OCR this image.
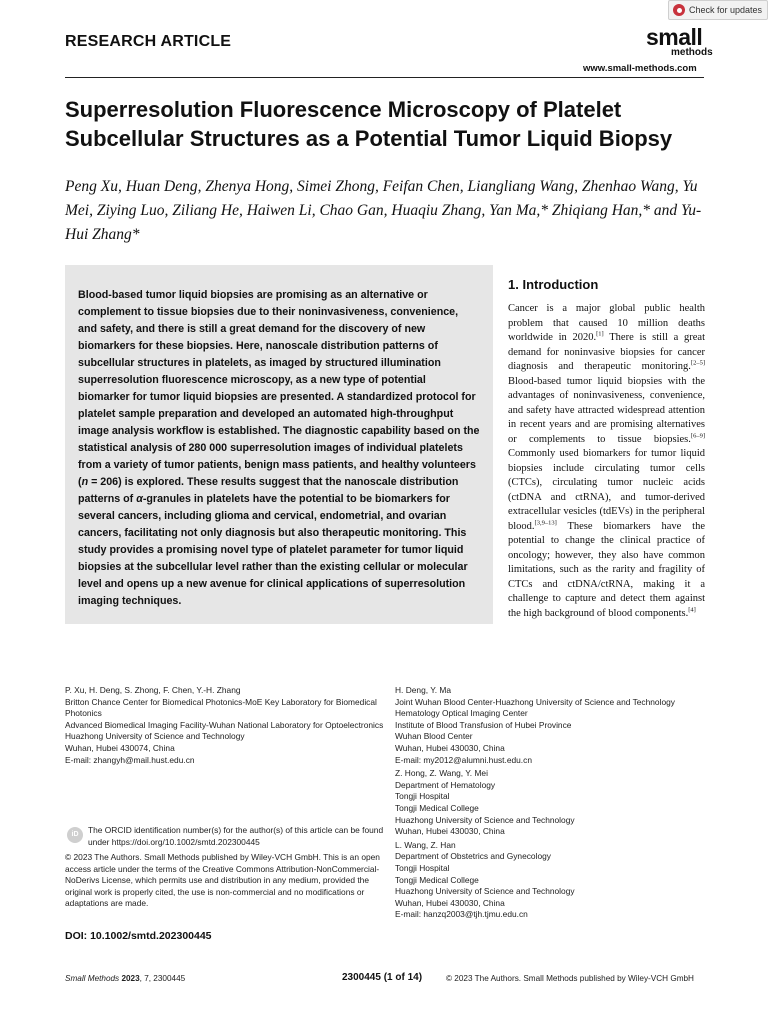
Check for updates
RESEARCH ARTICLE	small
methods
www.small-methods.com
Superresolution Fluorescence Microscopy of Platelet Subcellular Structures as a Potential Tumor Liquid Biopsy
Peng Xu, Huan Deng, Zhenya Hong, Simei Zhong, Feifan Chen, Liangliang Wang, Zhenhao Wang, Yu Mei, Ziying Luo, Ziliang He, Haiwen Li, Chao Gan, Huaqiu Zhang, Yan Ma,* Zhiqiang Han,* and Yu-Hui Zhang*
Blood-based tumor liquid biopsies are promising as an alternative or complement to tissue biopsies due to their noninvasiveness, convenience, and safety, and there is still a great demand for the discovery of new biomarkers for these biopsies. Here, nanoscale distribution patterns of subcellular structures in platelets, as imaged by structured illumination superresolution fluorescence microscopy, as a new type of potential biomarker for tumor liquid biopsies are presented. A standardized protocol for platelet sample preparation and developed an automated high-throughput image analysis workflow is established. The diagnostic capability based on the statistical analysis of 280 000 superresolution images of individual platelets from a variety of tumor patients, benign mass patients, and healthy volunteers (n = 206) is explored. These results suggest that the nanoscale distribution patterns of α-granules in platelets have the potential to be biomarkers for several cancers, including glioma and cervical, endometrial, and ovarian cancers, facilitating not only diagnosis but also therapeutic monitoring. This study provides a promising novel type of platelet parameter for tumor liquid biopsies at the subcellular level rather than the existing cellular or molecular level and opens up a new avenue for clinical applications of superresolution imaging techniques.
1. Introduction
Cancer is a major global public health problem that caused 10 million deaths worldwide in 2020.[1] There is still a great demand for noninvasive biopsies for cancer diagnosis and therapeutic monitoring.[2–5] Blood-based tumor liquid biopsies with the advantages of noninvasiveness, convenience, and safety have attracted widespread attention in recent years and are promising alternatives or complements to tissue biopsies.[6–9] Commonly used biomarkers for tumor liquid biopsies include circulating tumor cells (CTCs), circulating tumor nucleic acids (ctDNA and ctRNA), and tumor-derived extracellular vesicles (tdEVs) in the peripheral blood.[3,9–13] These biomarkers have the potential to change the clinical practice of oncology; however, they also have common limitations, such as the rarity and fragility of CTCs and ctDNA/ctRNA, making it a challenge to capture and detect them against the high background of blood components.[4]
P. Xu, H. Deng, S. Zhong, F. Chen, Y.-H. Zhang
Britton Chance Center for Biomedical Photonics-MoE Key Laboratory for Biomedical Photonics
Advanced Biomedical Imaging Facility-Wuhan National Laboratory for Optoelectronics
Huazhong University of Science and Technology
Wuhan, Hubei 430074, China
E-mail: zhangyh@mail.hust.edu.cn
H. Deng, Y. Ma
Joint Wuhan Blood Center-Huazhong University of Science and Technology Hematology Optical Imaging Center
Institute of Blood Transfusion of Hubei Province
Wuhan Blood Center
Wuhan, Hubei 430030, China
E-mail: my2012@alumni.hust.edu.cn
Z. Hong, Z. Wang, Y. Mei
Department of Hematology
Tongji Hospital
Tongji Medical College
Huazhong University of Science and Technology
Wuhan, Hubei 430030, China
L. Wang, Z. Han
Department of Obstetrics and Gynecology
Tongji Hospital
Tongji Medical College
Huazhong University of Science and Technology
Wuhan, Hubei 430030, China
E-mail: hanzq2003@tjh.tjmu.edu.cn
iD	The ORCID identification number(s) for the author(s) of this article can be found under https://doi.org/10.1002/smtd.202300445
© 2023 The Authors. Small Methods published by Wiley-VCH GmbH. This is an open access article under the terms of the Creative Commons Attribution-NonCommercial-NoDerivs License, which permits use and distribution in any medium, provided the original work is properly cited, the use is non-commercial and no modifications or adaptations are made.
DOI: 10.1002/smtd.202300445
Small Methods 2023, 7, 2300445	2300445 (1 of 14)	© 2023 The Authors. Small Methods published by Wiley-VCH GmbH
